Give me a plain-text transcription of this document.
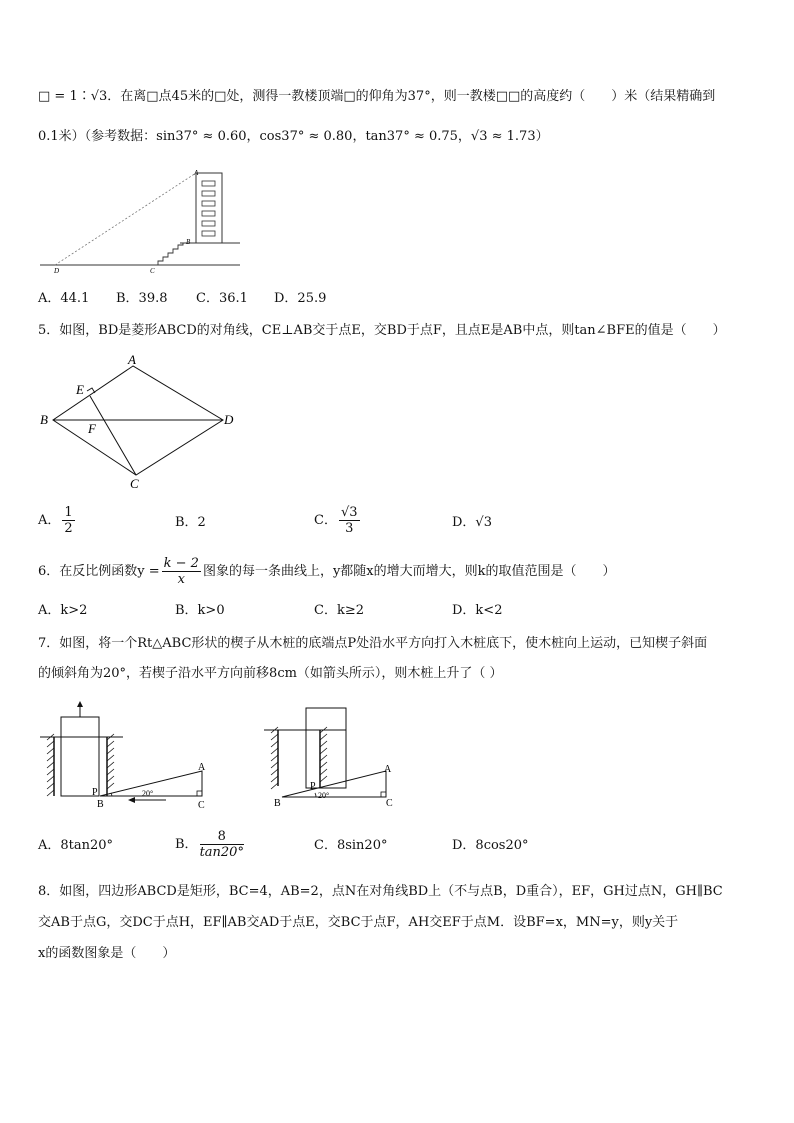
□ = 1∶√3．在离□点45米的□处，测得一教楼顶端□的仰角为37°，则一教楼□□的高度约（　　）米（结果精确到
0.1米）（参考数据：sin37° ≈ 0.60，cos37° ≈ 0.80，tan37° ≈ 0.75，√3 ≈ 1.73）
A
B
C
D
A．44.1 B．39.8 C．36.1 D．25.9
5．如图，BD是菱形ABCD的对角线，CE⊥AB交于点E，交BD于点F，且点E是AB中点，则tan∠BFE的值是（　　）
A
B
C
D
E
F
A． $\frac{1}{2}$	B．2	C． $\frac{√3}{3}$	D．√3
6．在反比例函数$y = \frac{k - 2}{x}$ 图象的每一条曲线上，y都随x的增大而增大，则k的取值范围是（　　）
A．k>2	B．k>0	C．k≥2	D．k<2
7．如图，将一个Rt△ABC形状的楔子从木桩的底端点P处沿水平方向打入木桩底下，使木桩向上运动，已知楔子斜面
的倾斜角为20°，若楔子沿水平方向前移8cm（如箭头所示），则木桩上升了（ ）
20°
P
B
A
C
20°
P
B
A
C
A．8tan20°	B． $\frac{8}{\tan 20^\circ}$	C．8sin20°	D．8cos20°
8．如图，四边形ABCD是矩形，BC=4，AB=2，点N在对角线BD上（不与点B，D重合），EF，GH过点N，GH∥BC
交AB于点G，交DC于点H，EF∥AB交AD于点E，交BC于点F，AH交EF于点M．设BF=x，MN=y，则y关于
x的函数图象是（　　）
